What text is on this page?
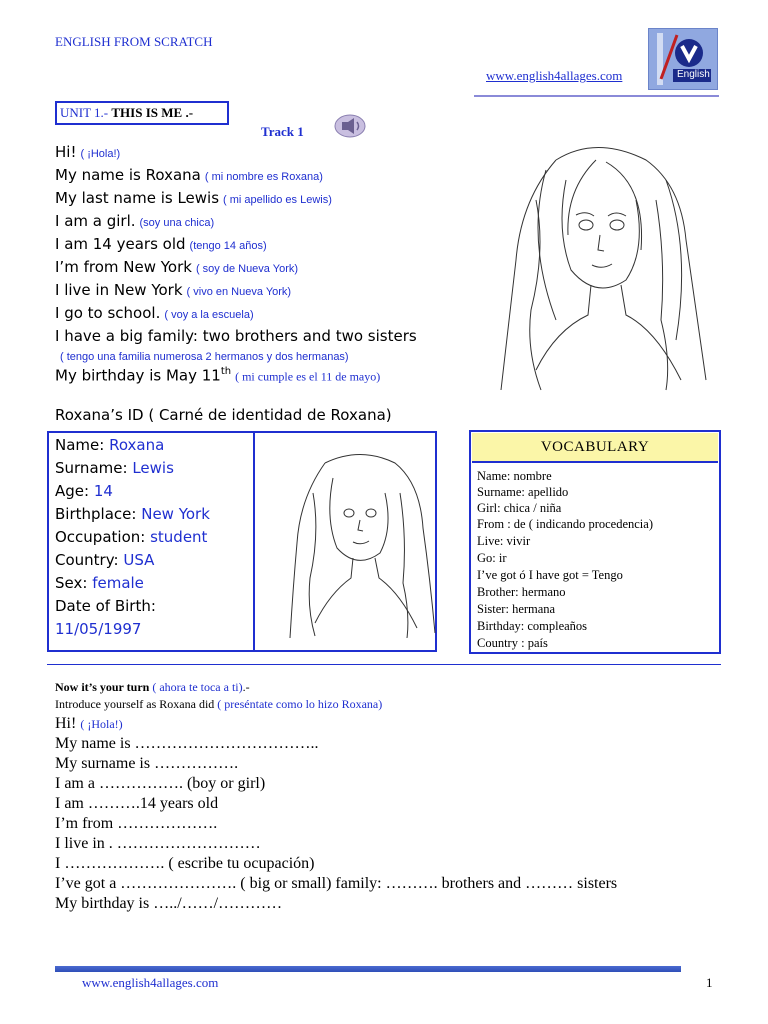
ENGLISH FROM SCRATCH
www.english4allages.com	English
UNIT 1.- THIS IS ME .-
Track 1
Hi! ( ¡Hola!)
My name is Roxana ( mi nombre es Roxana)
My last name is Lewis ( mi apellido es Lewis)
I am a girl. (soy una chica)
I am 14 years old (tengo 14 años)
I’m from New York ( soy de Nueva York)
I live in New York ( vivo en Nueva York)
I go to school. ( voy a la escuela)
I have a big family: two brothers and two sisters
( tengo una familia numerosa 2 hermanos y dos hermanas)
My birthday is May 11th ( mi cumple es el 11 de mayo)
Roxana’s ID ( Carné de identidad de Roxana)
Name: Roxana
Surname: Lewis
Age: 14
Birthplace: New York
Occupation: student
Country: USA
Sex: female
Date of Birth:
11/05/1997
VOCABULARY
Name: nombre
Surname: apellido
Girl: chica / niña
From : de ( indicando procedencia)
Live: vivir
Go: ir
I’ve got ó I have got = Tengo
Brother: hermano
Sister: hermana
Birthday: compleaños
Country : país
Now it’s your turn ( ahora te toca a ti).-
Introduce yourself as Roxana did ( preséntate como lo hizo Roxana)
Hi! ( ¡Hola!)
My name is ……………………………..
My surname is …………….
I am a ……………. (boy or girl)
I am ……….14 years old
I’m from ……………….
I live in . ………………………
I ………………. ( escribe tu ocupación)
I’ve got a …………………. ( big or small) family: ………. brothers and ……… sisters
My birthday is …../……/…………
www.english4allages.com	1
